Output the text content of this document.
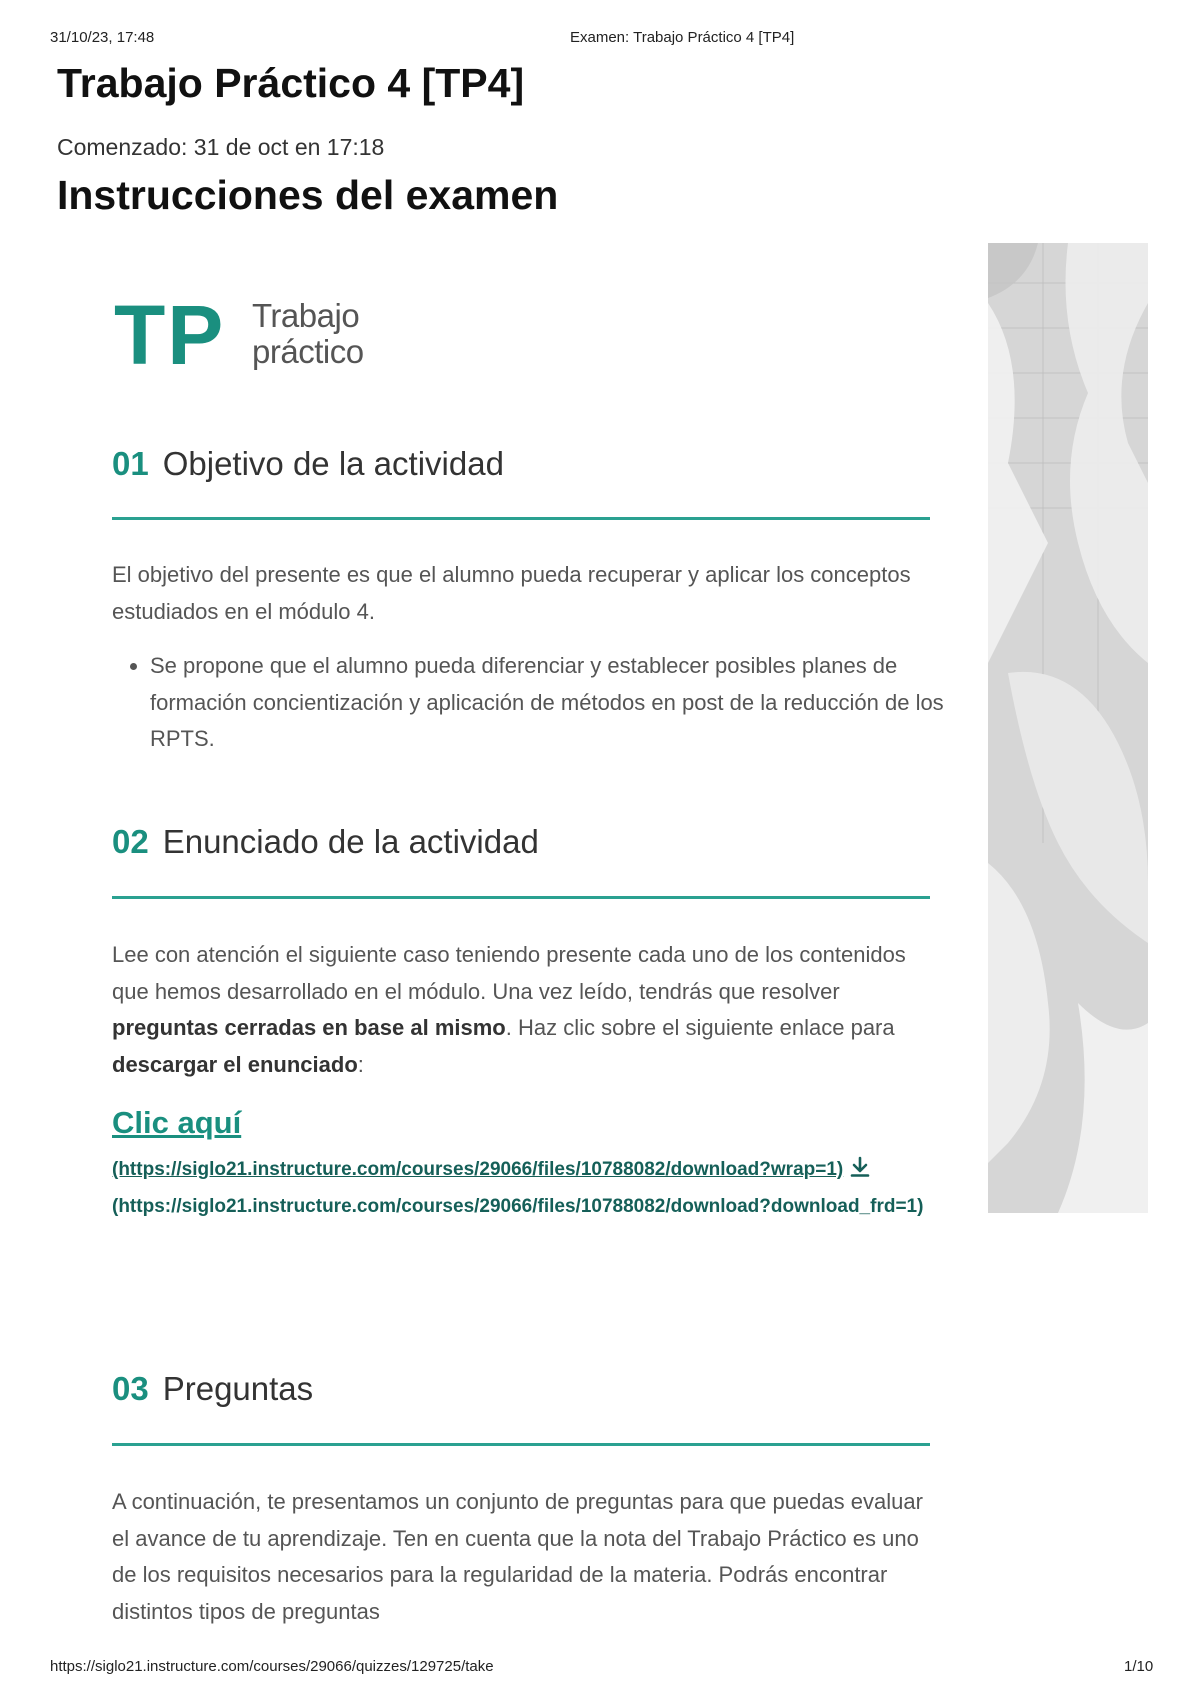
31/10/23, 17:48	Examen: Trabajo Práctico 4 [TP4]
Trabajo Práctico 4 [TP4]
Comenzado: 31 de oct en 17:18
Instrucciones del examen
TP Trabajo
práctico
01 Objetivo de la actividad
El objetivo del presente es que el alumno pueda recuperar y aplicar los conceptos estudiados en el módulo 4.
• Se propone que el alumno pueda diferenciar y establecer posibles planes de formación concientización y aplicación de métodos en post de la reducción de los RPTS.
02 Enunciado de la actividad
Lee con atención el siguiente caso teniendo presente cada uno de los contenidos que hemos desarrollado en el módulo. Una vez leído, tendrás que resolver preguntas cerradas en base al mismo. Haz clic sobre el siguiente enlace para descargar el enunciado:
Clic aquí
(https://siglo21.instructure.com/courses/29066/files/10788082/download?wrap=1)
(https://siglo21.instructure.com/courses/29066/files/10788082/download?download_frd=1)
03 Preguntas
A continuación, te presentamos un conjunto de preguntas para que puedas evaluar el avance de tu aprendizaje. Ten en cuenta que la nota del Trabajo Práctico es uno de los requisitos necesarios para la regularidad de la materia. Podrás encontrar distintos tipos de preguntas
https://siglo21.instructure.com/courses/29066/quizzes/129725/take	1/10
